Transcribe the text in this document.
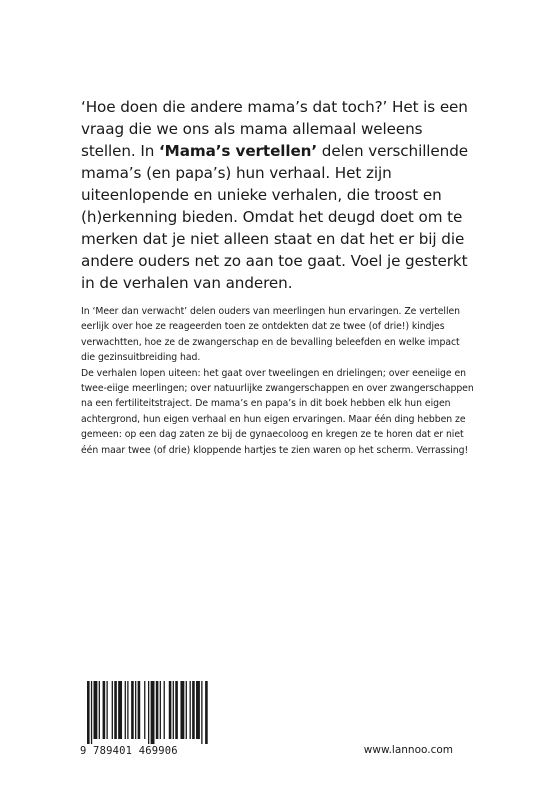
‘Hoe doen die andere mama’s dat toch?’ Het is een vraag die we ons als mama allemaal weleens stellen. In ‘Mama’s vertellen’ delen verschillende mama’s (en papa’s) hun verhaal. Het zijn uiteenlopende en unieke verhalen, die troost en (h)erkenning bieden. Omdat het deugd doet om te merken dat je niet alleen staat en dat het er bij die andere ouders net zo aan toe gaat. Voel je gesterkt in de verhalen van anderen.

In ‘Meer dan verwacht’ delen ouders van meerlingen hun ervaringen. Ze vertellen eerlijk over hoe ze reageerden toen ze ontdekten dat ze twee (of drie!) kindjes verwachtten, hoe ze de zwangerschap en de bevalling beleefden en welke impact die gezinsuitbreiding had.

De verhalen lopen uiteen: het gaat over tweelingen en drielingen; over eeneiige en twee-eiige meerlingen; over natuurlijke zwangerschappen en over zwangerschappen na een fertiliteitstraject. De mama’s en papa’s in dit boek hebben elk hun eigen achtergrond, hun eigen verhaal en hun eigen ervaringen. Maar één ding hebben ze gemeen: op een dag zaten ze bij de gynaecoloog en kregen ze te horen dat er niet één maar twee (of drie) kloppende hartjes te zien waren op het scherm. Verrassing!

9 789401 469906	www.lannoo.com
